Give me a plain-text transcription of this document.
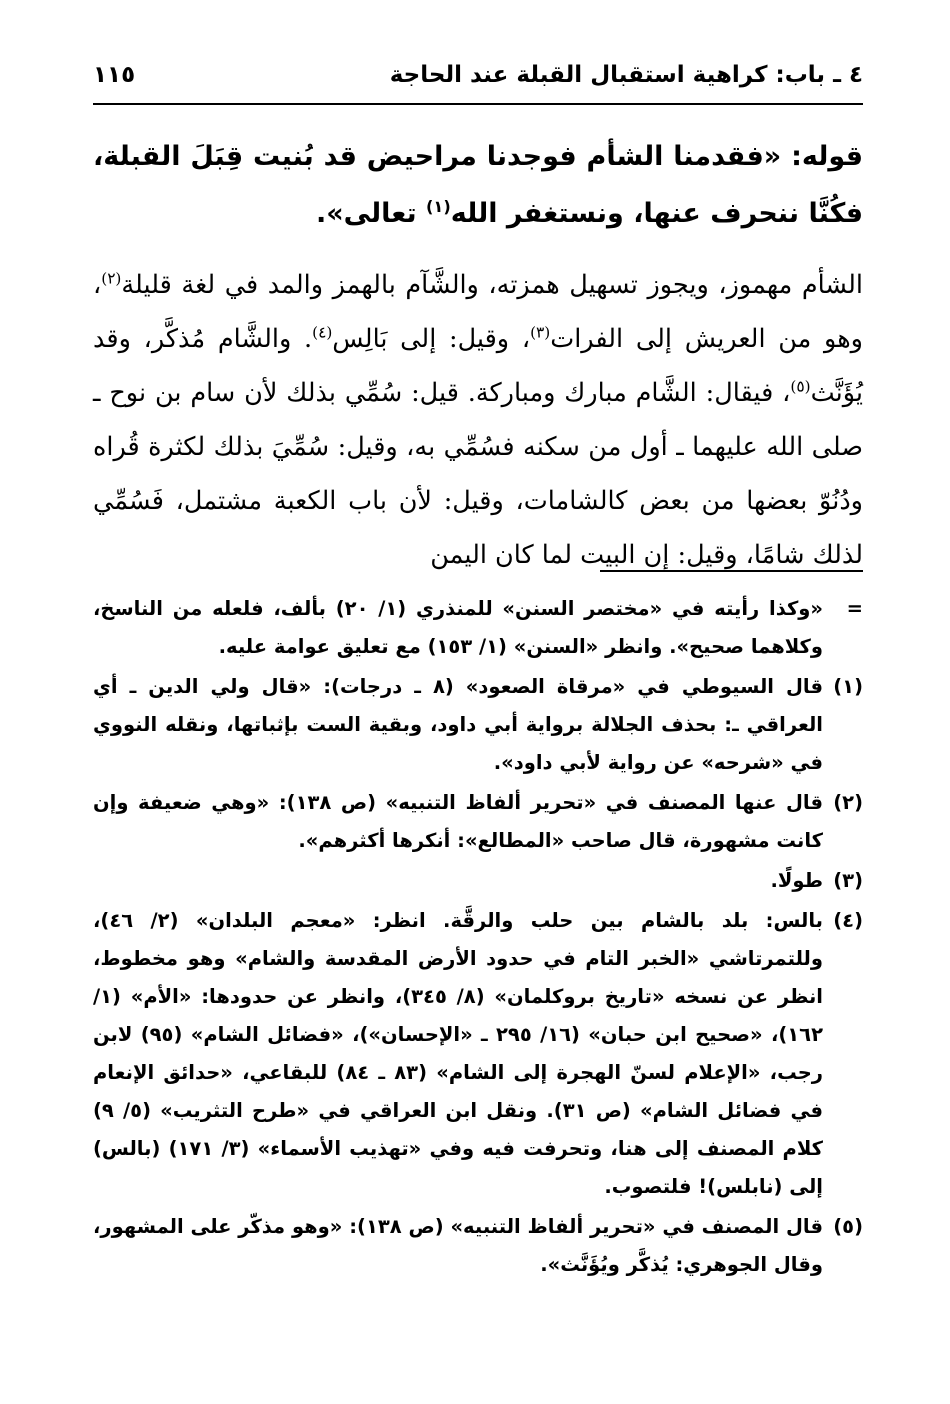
٤ ـ باب: كراهية استقبال القبلة عند الحاجة
١١٥

قوله: «فقدمنا الشأم فوجدنا مراحيض قد بُنيت قِبَلَ القبلة، فكُنَّا ننحرف عنها، ونستغفر الله$^{(١)}$ تعالى».

الشأم مهموز، ويجوز تسهيل همزته، والشَّآم بالهمز والمد في لغة قليلة$^{(٢)}$، وهو من العريش إلى الفرات$^{(٣)}$، وقيل: إلى بَالِس$^{(٤)}$. والشَّام مُذكَّر، وقد يُؤَنَّث$^{(٥)}$، فيقال: الشَّام مبارك ومباركة. قيل: سُمِّي بذلك لأن سام بن نوح ـ صلى الله عليهما ـ أول من سكنه فسُمِّي به، وقيل: سُمِّيَ بذلك لكثرة قُراه ودُنُوّ بعضها من بعض كالشامات، وقيل: لأن باب الكعبة مشتمل، فَسُمِّي لذلك شامًا، وقيل: إن البيت لما كان اليمن

=
«وكذا رأيته في «مختصر السنن» للمنذري (١/ ٢٠) بألف، فلعله من الناسخ، وكلاهما صحيح». وانظر «السنن» (١/ ١٥٣) مع تعليق عوامة عليه.
(١)
قال السيوطي في «مرقاة الصعود» (٨ ـ درجات): «قال ولي الدين ـ أي العراقي ـ: بحذف الجلالة برواية أبي داود، وبقية الست بإثباتها، ونقله النووي في «شرحه» عن رواية لأبي داود».
(٢)
قال عنها المصنف في «تحرير ألفاظ التنبيه» (ص ١٣٨): «وهي ضعيفة وإن كانت مشهورة، قال صاحب «المطالع»: أنكرها أكثرهم».
(٣)
طولًا.
(٤)
بالس: بلد بالشام بين حلب والرقَّة. انظر: «معجم البلدان» (٢/ ٤٦)، وللتمرتاشي «الخبر التام في حدود الأرض المقدسة والشام» وهو مخطوط، انظر عن نسخه «تاريخ بروكلمان» (٨/ ٣٤٥)، وانظر عن حدودها: «الأم» (١/ ١٦٢)، «صحيح ابن حبان» (١٦/ ٢٩٥ ـ «الإحسان»)، «فضائل الشام» (٩٥) لابن رجب، «الإعلام لسنّ الهجرة إلى الشام» (٨٣ ـ ٨٤) للبقاعي، «حدائق الإنعام في فضائل الشام» (ص ٣١). ونقل ابن العراقي في «طرح التثريب» (٥/ ٩) كلام المصنف إلى هنا، وتحرفت فيه وفي «تهذيب الأسماء» (٣/ ١٧١) (بالس) إلى (نابلس)! فلتصوب.
(٥)
قال المصنف في «تحرير ألفاظ التنبيه» (ص ١٣٨): «وهو مذكّر على المشهور، وقال الجوهري: يُذكَّر ويُؤَنَّث».
